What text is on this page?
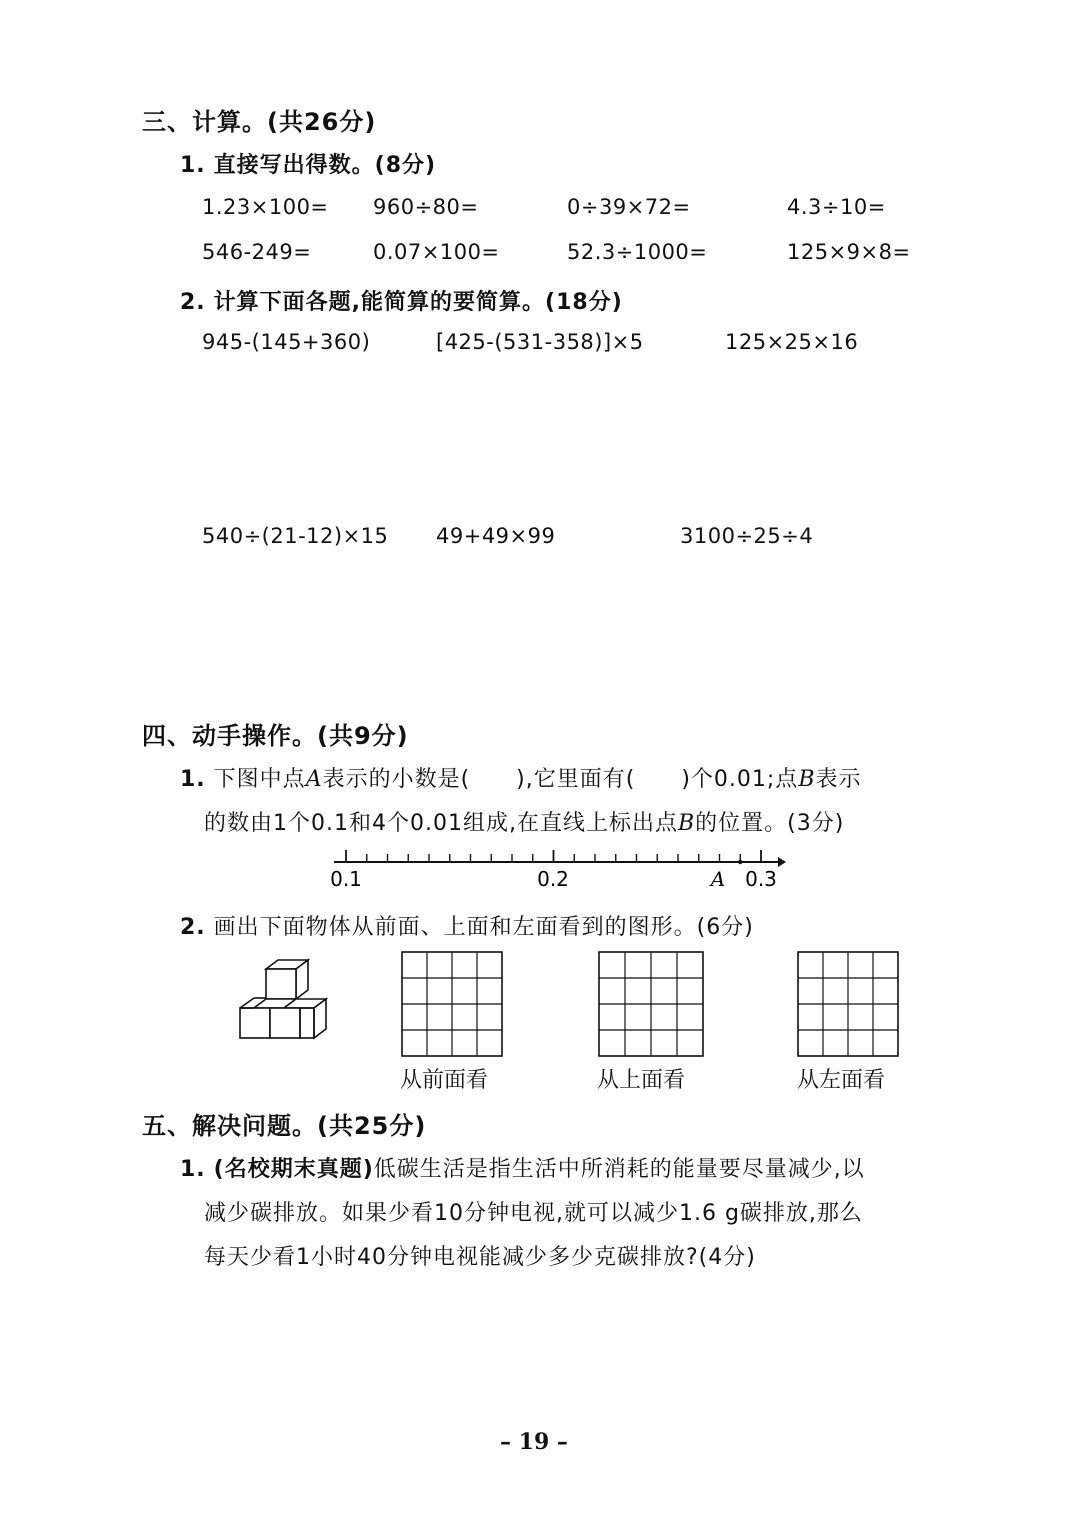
三、计算。(共26分)
1. 直接写出得数。(8分)
1.23×100= 960÷80=	0÷39×72=	4.3÷10=
546-249=	0.07×100=	52.3÷1000=	125×9×8=
2. 计算下面各题,能简算的要简算。(18分)
945-(145+360)	[425-(531-358)]×5	125×25×16
540÷(21-12)×15 49+49×99	3100÷25÷4
四、动手操作。(共9分)
1. 下图中点A表示的小数是(　　),它里面有(　　)个0.01;点B表示
的数由1个0.1和4个0.01组成,在直线上标出点B的位置。(3分)
0.1	0.2	0.3
A
2. 画出下面物体从前面、上面和左面看到的图形。(6分)
从前面看	从上面看	从左面看
五、解决问题。(共25分)
1. (名校期末真题)低碳生活是指生活中所消耗的能量要尽量减少,以
减少碳排放。如果少看10分钟电视,就可以减少1.6 g碳排放,那么
每天少看1小时40分钟电视能减少多少克碳排放?(4分)
– 19 –
